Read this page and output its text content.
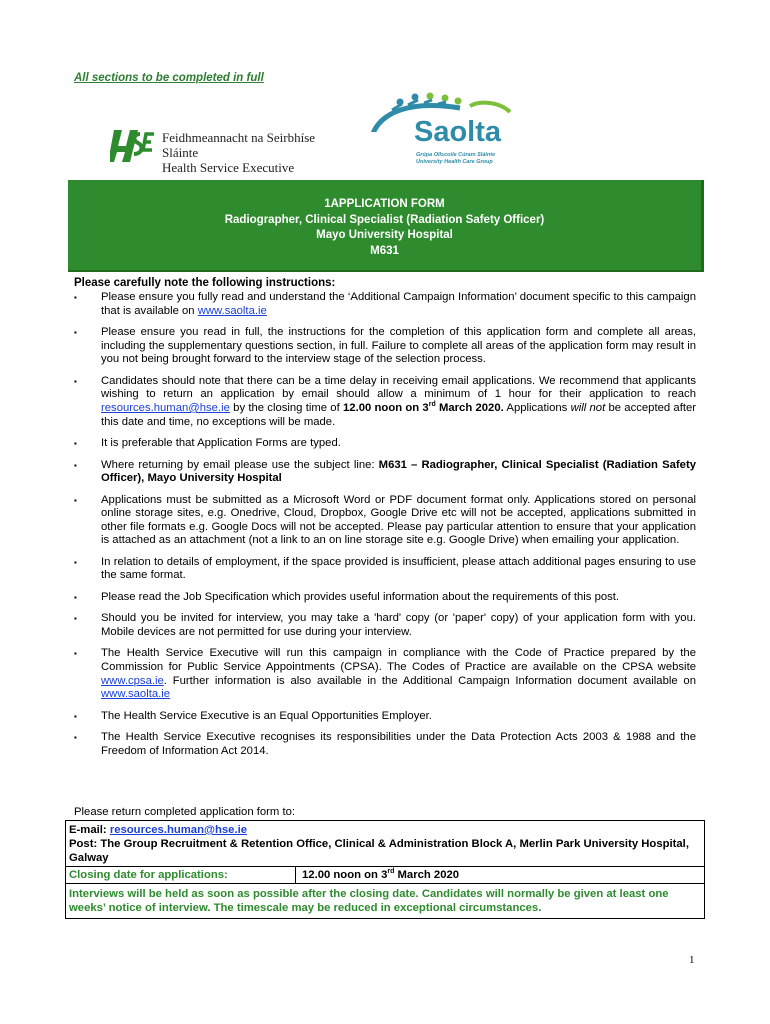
All sections to be completed in full
Feidhmeannacht na Seirbhíse Sláinte
Health Service Executive
Saolta
Grúpa Ollscoile Cúram Sláinte
University Health Care Group
1APPLICATION FORM
Radiographer, Clinical Specialist (Radiation Safety Officer)
Mayo University Hospital
M631
Please carefully note the following instructions:
▪ Please ensure you fully read and understand the ‘Additional Campaign Information’ document specific to this campaign that is available on www.saolta.ie
▪ Please ensure you read in full, the instructions for the completion of this application form and complete all areas, including the supplementary questions section, in full. Failure to complete all areas of the application form may result in you not being brought forward to the interview stage of the selection process.
▪ Candidates should note that there can be a time delay in receiving email applications. We recommend that applicants wishing to return an application by email should allow a minimum of 1 hour for their application to reach resources.human@hse.ie by the closing time of 12.00 noon on 3rd March 2020. Applications will not be accepted after this date and time, no exceptions will be made.
▪ It is preferable that Application Forms are typed.
▪ Where returning by email please use the subject line: M631 – Radiographer, Clinical Specialist (Radiation Safety Officer), Mayo University Hospital
▪ Applications must be submitted as a Microsoft Word or PDF document format only. Applications stored on personal online storage sites, e.g. Onedrive, Cloud, Dropbox, Google Drive etc will not be accepted, applications submitted in other file formats e.g. Google Docs will not be accepted. Please pay particular attention to ensure that your application is attached as an attachment (not a link to an on line storage site e.g. Google Drive) when emailing your application.
▪ In relation to details of employment, if the space provided is insufficient, please attach additional pages ensuring to use the same format.
▪ Please read the Job Specification which provides useful information about the requirements of this post.
▪ Should you be invited for interview, you may take a 'hard' copy (or 'paper' copy) of your application form with you. Mobile devices are not permitted for use during your interview.
▪ The Health Service Executive will run this campaign in compliance with the Code of Practice prepared by the Commission for Public Service Appointments (CPSA). The Codes of Practice are available on the CPSA website www.cpsa.ie. Further information is also available in the Additional Campaign Information document available on www.saolta.ie
▪ The Health Service Executive is an Equal Opportunities Employer.
▪ The Health Service Executive recognises its responsibilities under the Data Protection Acts 2003 & 1988 and the Freedom of Information Act 2014.
Please return completed application form to:
E-mail: resources.human@hse.ie
Post: The Group Recruitment & Retention Office, Clinical & Administration Block A, Merlin Park University Hospital, Galway
Closing date for applications:	12.00 noon on 3rd March 2020
Interviews will be held as soon as possible after the closing date. Candidates will normally be given at least one weeks’ notice of interview. The timescale may be reduced in exceptional circumstances.
1
